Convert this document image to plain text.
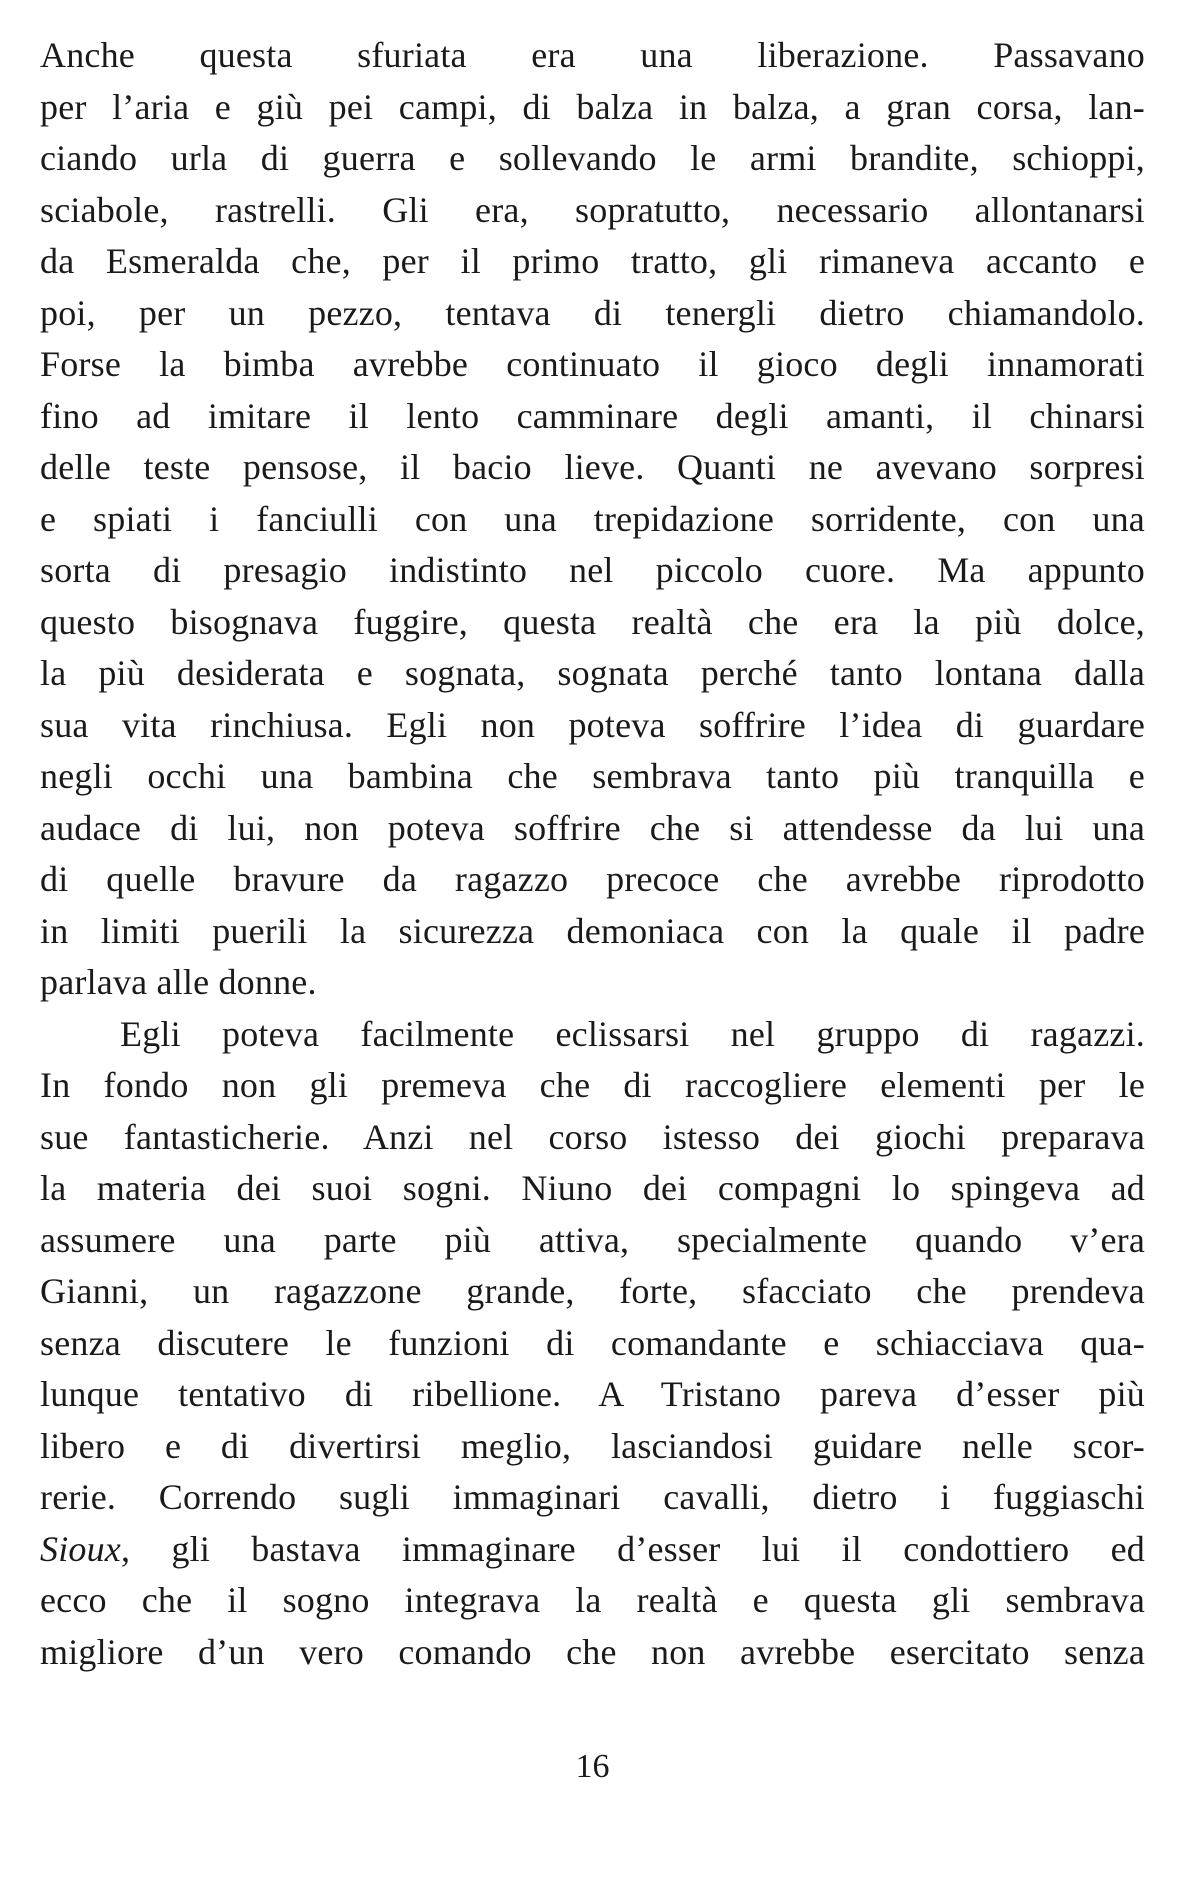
Anche questa sfuriata era una liberazione. Passavano
per l’aria e giù pei campi, di balza in balza, a gran corsa, lan-
ciando urla di guerra e sollevando le armi brandite, schioppi,
sciabole, rastrelli. Gli era, sopratutto, necessario allontanarsi
da Esmeralda che, per il primo tratto, gli rimaneva accanto e
poi, per un pezzo, tentava di tenergli dietro chiamandolo.
Forse la bimba avrebbe continuato il gioco degli innamorati
fino ad imitare il lento camminare degli amanti, il chinarsi
delle teste pensose, il bacio lieve. Quanti ne avevano sorpresi
e spiati i fanciulli con una trepidazione sorridente, con una
sorta di presagio indistinto nel piccolo cuore. Ma appunto
questo bisognava fuggire, questa realtà che era la più dolce,
la più desiderata e sognata, sognata perché tanto lontana dalla
sua vita rinchiusa. Egli non poteva soffrire l’idea di guardare
negli occhi una bambina che sembrava tanto più tranquilla e
audace di lui, non poteva soffrire che si attendesse da lui una
di quelle bravure da ragazzo precoce che avrebbe riprodotto
in limiti puerili la sicurezza demoniaca con la quale il padre
parlava alle donne.
Egli poteva facilmente eclissarsi nel gruppo di ragazzi.
In fondo non gli premeva che di raccogliere elementi per le
sue fantasticherie. Anzi nel corso istesso dei giochi preparava
la materia dei suoi sogni. Niuno dei compagni lo spingeva ad
assumere una parte più attiva, specialmente quando v’era
Gianni, un ragazzone grande, forte, sfacciato che prendeva
senza discutere le funzioni di comandante e schiacciava qua-
lunque tentativo di ribellione. A Tristano pareva d’esser più
libero e di divertirsi meglio, lasciandosi guidare nelle scor-
rerie. Correndo sugli immaginari cavalli, dietro i fuggiaschi
Sioux, gli bastava immaginare d’esser lui il condottiero ed
ecco che il sogno integrava la realtà e questa gli sembrava
migliore d’un vero comando che non avrebbe esercitato senza
16
